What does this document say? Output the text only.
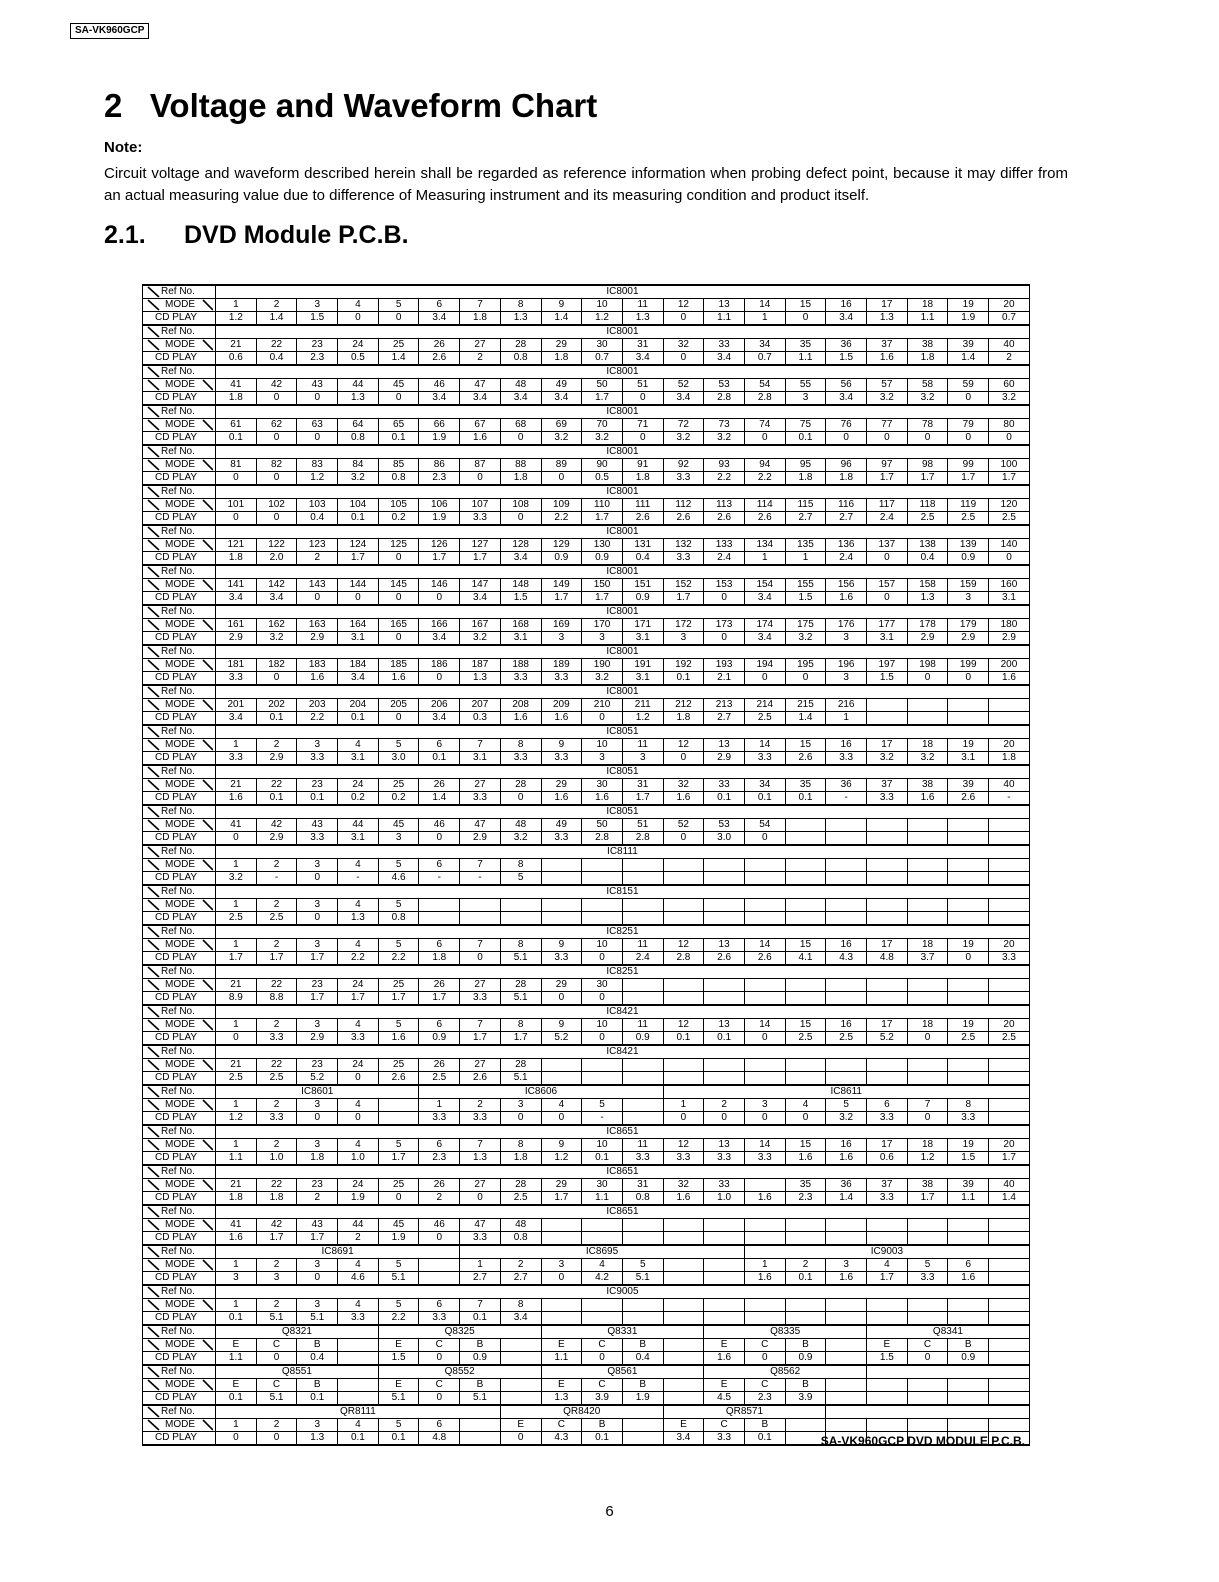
SA-VK960GCP
2   Voltage and Waveform Chart
Note:
Circuit voltage and waveform described herein shall be regarded as reference information when probing defect point, because it may differ from an actual measuring value due to difference of Measuring instrument and its measuring condition and product itself.
2.1. DVD Module P.C.B.
Ref No.	IC8001																			

MODE	1	2	3	4	5	6	7	8	9	10	11	12	13	14	15	16	17	18	19	20
CD PLAY	1.2	1.4	1.5	0	0	3.4	1.8	1.3	1.4	1.2	1.3	0	1.1	1	0	3.4	1.3	1.1	1.9	0.7

Ref No.	IC8001																			

MODE	21	22	23	24	25	26	27	28	29	30	31	32	33	34	35	36	37	38	39	40
CD PLAY	0.6	0.4	2.3	0.5	1.4	2.6	2	0.8	1.8	0.7	3.4	0	3.4	0.7	1.1	1.5	1.6	1.8	1.4	2

Ref No.	IC8001																			

MODE	41	42	43	44	45	46	47	48	49	50	51	52	53	54	55	56	57	58	59	60
CD PLAY	1.8	0	0	1.3	0	3.4	3.4	3.4	3.4	1.7	0	3.4	2.8	2.8	3	3.4	3.2	3.2	0	3.2

Ref No.	IC8001																			

MODE	61	62	63	64	65	66	67	68	69	70	71	72	73	74	75	76	77	78	79	80
CD PLAY	0.1	0	0	0.8	0.1	1.9	1.6	0	3.2	3.2	0	3.2	3.2	0	0.1	0	0	0	0	0

Ref No.	IC8001																			

MODE	81	82	83	84	85	86	87	88	89	90	91	92	93	94	95	96	97	98	99	100
CD PLAY	0	0	1.2	3.2	0.8	2.3	0	1.8	0	0.5	1.8	3.3	2.2	2.2	1.8	1.8	1.7	1.7	1.7	1.7

Ref No.	IC8001																			

MODE	101	102	103	104	105	106	107	108	109	110	111	112	113	114	115	116	117	118	119	120
CD PLAY	0	0	0.4	0.1	0.2	1.9	3.3	0	2.2	1.7	2.6	2.6	2.6	2.6	2.7	2.7	2.4	2.5	2.5	2.5

Ref No.	IC8001																			

MODE	121	122	123	124	125	126	127	128	129	130	131	132	133	134	135	136	137	138	139	140
CD PLAY	1.8	2.0	2	1.7	0	1.7	1.7	3.4	0.9	0.9	0.4	3.3	2.4	1	1	2.4	0	0.4	0.9	0

Ref No.	IC8001																			

MODE	141	142	143	144	145	146	147	148	149	150	151	152	153	154	155	156	157	158	159	160
CD PLAY	3.4	3.4	0	0	0	0	3.4	1.5	1.7	1.7	0.9	1.7	0	3.4	1.5	1.6	0	1.3	3	3.1

Ref No.	IC8001																			

MODE	161	162	163	164	165	166	167	168	169	170	171	172	173	174	175	176	177	178	179	180
CD PLAY	2.9	3.2	2.9	3.1	0	3.4	3.2	3.1	3	3	3.1	3	0	3.4	3.2	3	3.1	2.9	2.9	2.9

Ref No.	IC8001																			

MODE	181	182	183	184	185	186	187	188	189	190	191	192	193	194	195	196	197	198	199	200
CD PLAY	3.3	0	1.6	3.4	1.6	0	1.3	3.3	3.3	3.2	3.1	0.1	2.1	0	0	3	1.5	0	0	1.6

Ref No.	IC8001																			

MODE	201	202	203	204	205	206	207	208	209	210	211	212	213	214	215	216				
CD PLAY	3.4	0.1	2.2	0.1	0	3.4	0.3	1.6	1.6	0	1.2	1.8	2.7	2.5	1.4	1				

Ref No.	IC8051																			

MODE	1	2	3	4	5	6	7	8	9	10	11	12	13	14	15	16	17	18	19	20
CD PLAY	3.3	2.9	3.3	3.1	3.0	0.1	3.1	3.3	3.3	3	3	0	2.9	3.3	2.6	3.3	3.2	3.2	3.1	1.8

Ref No.	IC8051																			

MODE	21	22	23	24	25	26	27	28	29	30	31	32	33	34	35	36	37	38	39	40
CD PLAY	1.6	0.1	0.1	0.2	0.2	1.4	3.3	0	1.6	1.6	1.7	1.6	0.1	0.1	0.1	-	3.3	1.6	2.6	-

Ref No.	IC8051																			

MODE	41	42	43	44	45	46	47	48	49	50	51	52	53	54						
CD PLAY	0	2.9	3.3	3.1	3	0	2.9	3.2	3.3	2.8	2.8	0	3.0	0						

Ref No.	IC8111																			

MODE	1	2	3	4	5	6	7	8												
CD PLAY	3.2	-	0	-	4.6	-	-	5												

Ref No.	IC8151																			

MODE	1	2	3	4	5															
CD PLAY	2.5	2.5	0	1.3	0.8															

Ref No.	IC8251																			

MODE	1	2	3	4	5	6	7	8	9	10	11	12	13	14	15	16	17	18	19	20
CD PLAY	1.7	1.7	1.7	2.2	2.2	1.8	0	5.1	3.3	0	2.4	2.8	2.6	2.6	4.1	4.3	4.8	3.7	0	3.3

Ref No.	IC8251																			

MODE	21	22	23	24	25	26	27	28	29	30										
CD PLAY	8.9	8.8	1.7	1.7	1.7	1.7	3.3	5.1	0	0										

Ref No.	IC8421																			

MODE	1	2	3	4	5	6	7	8	9	10	11	12	13	14	15	16	17	18	19	20
CD PLAY	0	3.3	2.9	3.3	1.6	0.9	1.7	1.7	5.2	0	0.9	0.1	0.1	0	2.5	2.5	5.2	0	2.5	2.5

Ref No.	IC8421																			

MODE	21	22	23	24	25	26	27	28												
CD PLAY	2.5	2.5	5.2	0	2.6	2.5	2.6	5.1												

Ref No.	IC8601					IC8606						IC8611								

MODE	1	2	3	4		1	2	3	4	5		1	2	3	4	5	6	7	8	
CD PLAY	1.2	3.3	0	0		3.3	3.3	0	0	-		0	0	0	0	3.2	3.3	0	3.3	

Ref No.	IC8651																			

MODE	1	2	3	4	5	6	7	8	9	10	11	12	13	14	15	16	17	18	19	20
CD PLAY	1.1	1.0	1.8	1.0	1.7	2.3	1.3	1.8	1.2	0.1	3.3	3.3	3.3	3.3	1.6	1.6	0.6	1.2	1.5	1.7

Ref No.	IC8651																			

MODE	21	22	23	24	25	26	27	28	29	30	31	32	33		35	36	37	38	39	40
CD PLAY	1.8	1.8	2	1.9	0	2	0	2.5	1.7	1.1	0.8	1.6	1.0	1.6	2.3	1.4	3.3	1.7	1.1	1.4

Ref No.	IC8651																			

MODE	41	42	43	44	45	46	47	48												
CD PLAY	1.6	1.7	1.7	2	1.9	0	3.3	0.8												

Ref No.	IC8691						IC8695							IC9003						

MODE	1	2	3	4	5		1	2	3	4	5			1	2	3	4	5	6	
CD PLAY	3	3	0	4.6	5.1		2.7	2.7	0	4.2	5.1			1.6	0.1	1.6	1.7	3.3	1.6	

Ref No.	IC9005																			

MODE	1	2	3	4	5	6	7	8												
CD PLAY	0.1	5.1	5.1	3.3	2.2	3.3	0.1	3.4												

Ref No.	Q8321				Q8325				Q8331				Q8335				Q8341			

MODE	E	C	B		E	C	B		E	C	B		E	C	B		E	C	B	
CD PLAY	1.1	0	0.4		1.5	0	0.9		1.1	0	0.4		1.6	0	0.9		1.5	0	0.9	

Ref No.	Q8551				Q8552				Q8561				Q8562							

MODE	E	C	B		E	C	B		E	C	B		E	C	B					
CD PLAY	0.1	5.1	0.1		5.1	0	5.1		1.3	3.9	1.9		4.5	2.3	3.9					

Ref No.	QR8111							QR8420				QR8571								

MODE	1	2	3	4	5	6		E	C	B		E	C	B						
CD PLAY	0	0	1.3	0.1	0.1	4.8		0	4.3	0.1		3.4	3.3	0.1							SA-VK960GCP DVD MODULE P.C.B.
6
